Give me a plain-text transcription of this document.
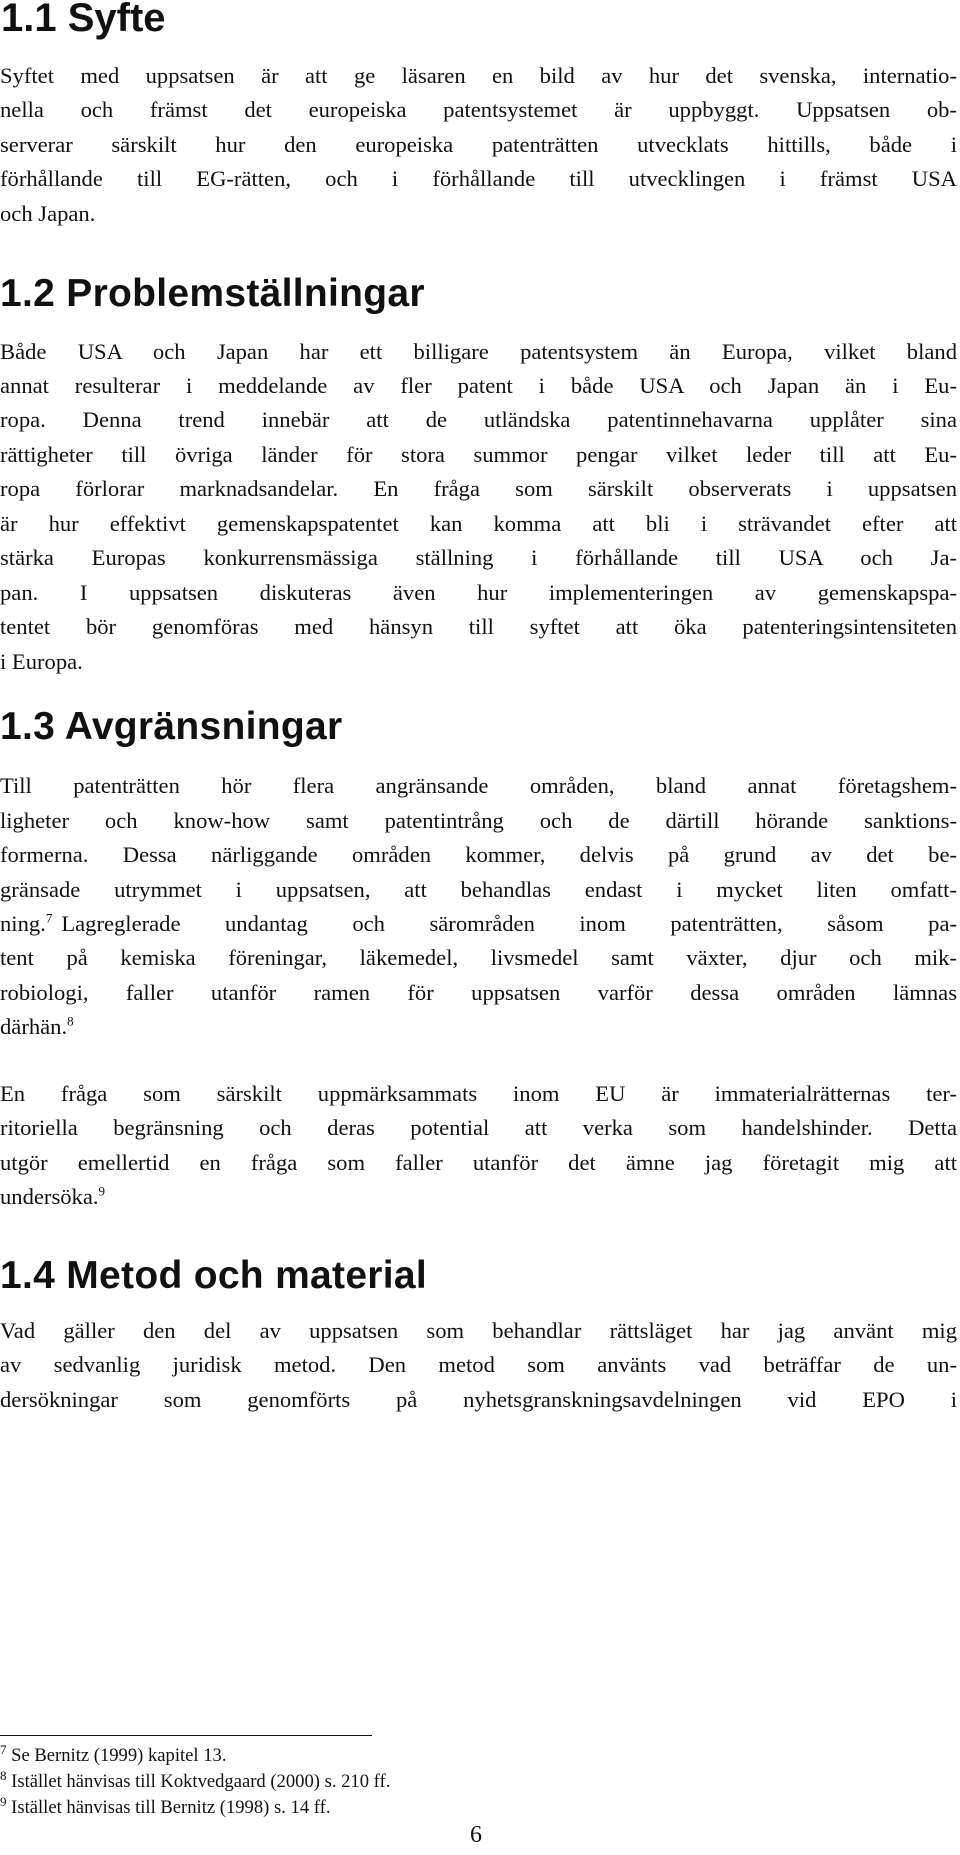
1.1 Syfte
Syftet med uppsatsen är att ge läsaren en bild av hur det svenska, internatio-
nella och främst det europeiska patentsystemet är uppbyggt. Uppsatsen ob-
serverar särskilt hur den europeiska patenträtten utvecklats hittills, både i
förhållande till EG-rätten, och i förhållande till utvecklingen i främst USA
och Japan.
1.2 Problemställningar
Både USA och Japan har ett billigare patentsystem än Europa, vilket bland
annat resulterar i meddelande av fler patent i både USA och Japan än i Eu-
ropa. Denna trend innebär att de utländska patentinnehavarna upplåter sina
rättigheter till övriga länder för stora summor pengar vilket leder till att Eu-
ropa förlorar marknadsandelar. En fråga som särskilt observerats i uppsatsen
är hur effektivt gemenskapspatentet kan komma att bli i strävandet efter att
stärka Europas konkurrensmässiga ställning i förhållande till USA och Ja-
pan. I uppsatsen diskuteras även hur implementeringen av gemenskapspa-
tentet bör genomföras med hänsyn till syftet att öka patenteringsintensiteten
i Europa.
1.3 Avgränsningar
Till patenträtten hör flera angränsande områden, bland annat företagshem-
ligheter och know-how samt patentintrång och de därtill hörande sanktions-
formerna. Dessa närliggande områden kommer, delvis på grund av det be-
gränsade utrymmet i uppsatsen, att behandlas endast i mycket liten omfatt-
ning.$^7$ Lagreglerade undantag och särområden inom patenträtten, såsom pa-
tent på kemiska föreningar, läkemedel, livsmedel samt växter, djur och mik-
robiologi, faller utanför ramen för uppsatsen varför dessa områden lämnas
därhän.$^8$
En fråga som särskilt uppmärksammats inom EU är immaterialrätternas ter-
ritoriella begränsning och deras potential att verka som handelshinder. Detta
utgör emellertid en fråga som faller utanför det ämne jag företagit mig att
undersöka.$^9$
1.4 Metod och material
Vad gäller den del av uppsatsen som behandlar rättsläget har jag använt mig
av sedvanlig juridisk metod. Den metod som använts vad beträffar de un-
dersökningar som genomförts på nyhetsgranskningsavdelningen vid EPO i
$^7$ Se Bernitz (1999) kapitel 13.
$^8$ Istället hänvisas till Koktvedgaard (2000) s. 210 ff.
$^9$ Istället hänvisas till Bernitz (1998) s. 14 ff.
6
